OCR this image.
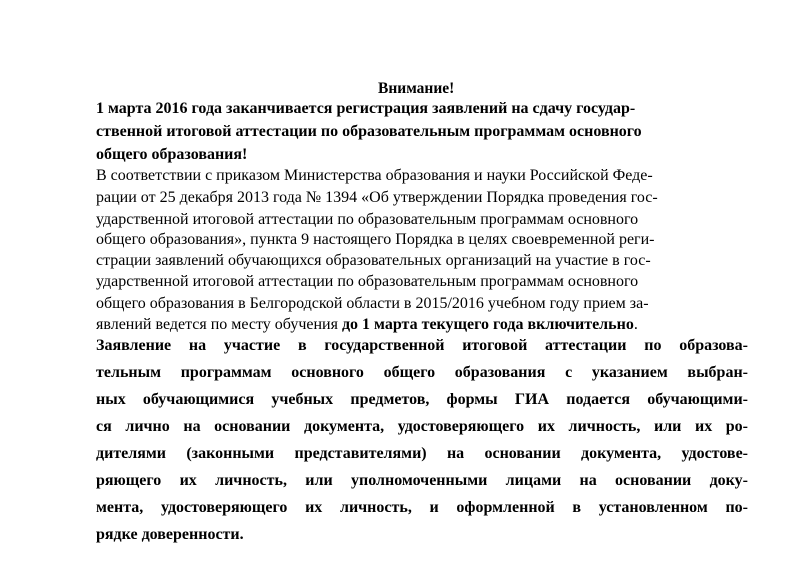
Внимание!
1 марта 2016 года заканчивается регистрация заявлений на сдачу государ-
ственной итоговой аттестации по образовательным программам основного
общего образования!
В соответствии с приказом Министерства образования и науки Российской Феде-
рации от 25 декабря 2013 года № 1394 «Об утверждении Порядка проведения гос-
ударственной итоговой аттестации по образовательным программам основного
общего образования», пункта 9 настоящего Порядка в целях своевременной реги-
страции заявлений обучающихся образовательных организаций на участие в гос-
ударственной итоговой аттестации по образовательным программам основного
общего образования в Белгородской области в 2015/2016 учебном году прием за-
явлений ведется по месту обучения до 1 марта текущего года включительно.
Заявление на участие в государственной итоговой аттестации по образова-
тельным программам основного общего образования с указанием выбран-
ных обучающимися учебных предметов, формы ГИА подается обучающими-
ся лично на основании документа, удостоверяющего их личность, или их ро-
дителями (законными представителями) на основании документа, удостове-
ряющего их личность, или уполномоченными лицами на основании доку-
мента, удостоверяющего их личность, и оформленной в установленном по-
рядке доверенности.
